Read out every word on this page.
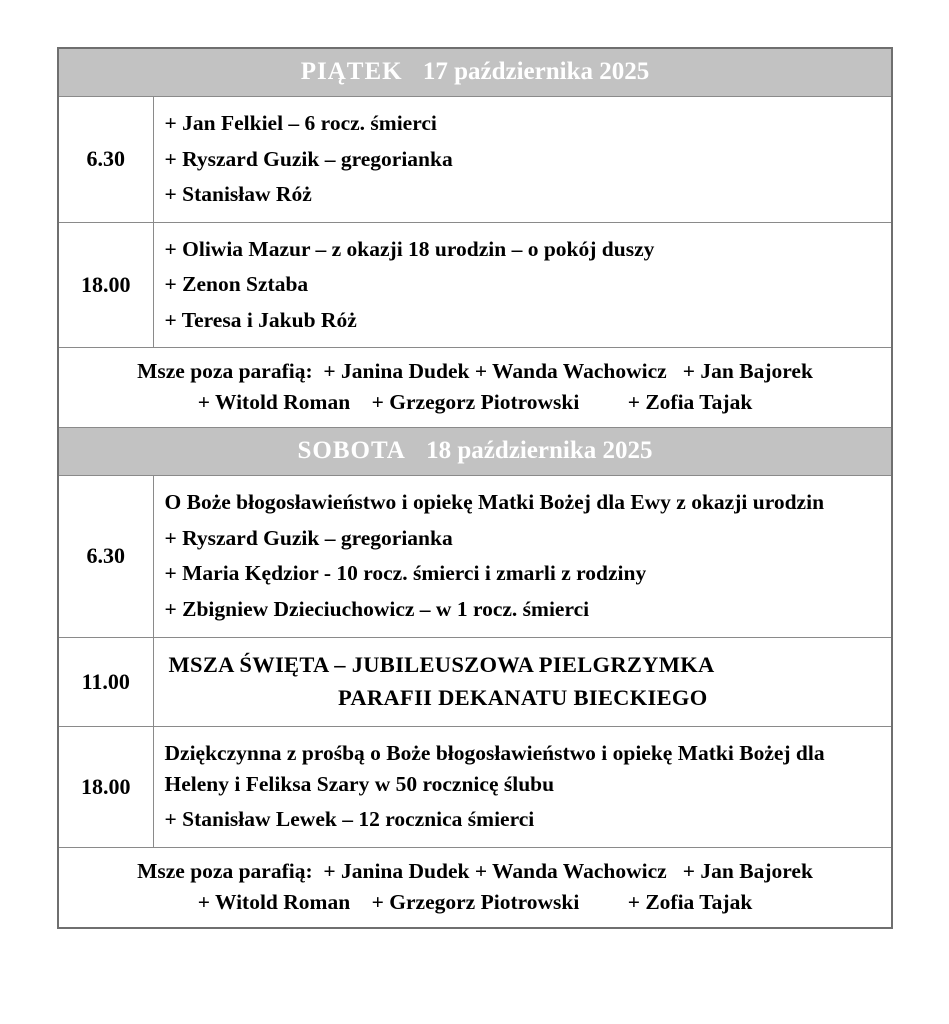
PIĄTEK 17 października 2025	

6.30	+ Jan Felkiel – 6 rocz. śmierci
+ Ryszard Guzik – gregorianka
+ Stanisław Róż

18.00	+ Oliwia Mazur – z okazji 18 urodzin – o pokój duszy
+ Zenon Sztaba
+ Teresa i Jakub Róż

Msze poza parafią:  + Janina Dudek + Wanda Wachowicz   + Jan Bajorek
+ Witold Roman    + Grzegorz Piotrowski         + Zofia Tajak	

SOBOTA 18 października 2025	

6.30	O Boże błogosławieństwo i opiekę Matki Bożej dla Ewy z okazji urodzin
+ Ryszard Guzik – gregorianka
+ Maria Kędzior - 10 rocz. śmierci i zmarli z rodziny
+ Zbigniew Dzieciuchowicz – w 1 rocz. śmierci

11.00	MSZA ŚWIĘTA – JUBILEUSZOWA PIELGRZYMKA
PARAFII DEKANATU BIECKIEGO

18.00	Dziękczynna z prośbą o Boże błogosławieństwo i opiekę Matki Bożej dla Heleny i Feliksa Szary w 50 rocznicę ślubu
+ Stanisław Lewek – 12 rocznica śmierci

Msze poza parafią:  + Janina Dudek + Wanda Wachowicz   + Jan Bajorek
+ Witold Roman    + Grzegorz Piotrowski         + Zofia Tajak	
